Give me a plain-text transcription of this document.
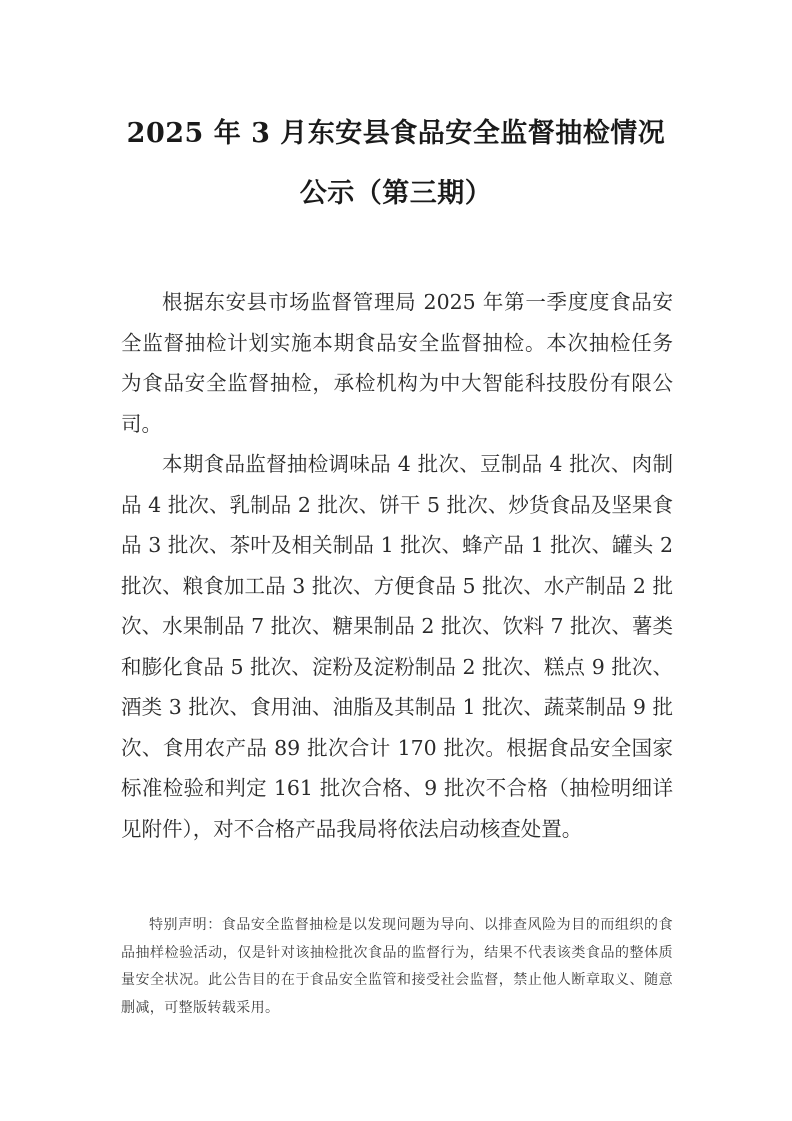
2025 年 3 月东安县食品安全监督抽检情况
公示（第三期）

根据东安县市场监督管理局 2025 年第一季度度食品安全监督抽检计划实施本期食品安全监督抽检。本次抽检任务为食品安全监督抽检，承检机构为中大智能科技股份有限公司。

本期食品监督抽检调味品 4 批次、豆制品 4 批次、肉制品 4 批次、乳制品 2 批次、饼干 5 批次、炒货食品及坚果食品 3 批次、茶叶及相关制品 1 批次、蜂产品 1 批次、罐头 2 批次、粮食加工品 3 批次、方便食品 5 批次、水产制品 2 批次、水果制品 7 批次、糖果制品 2 批次、饮料 7 批次、薯类和膨化食品 5 批次、淀粉及淀粉制品 2 批次、糕点 9 批次、酒类 3 批次、食用油、油脂及其制品 1 批次、蔬菜制品 9 批次、食用农产品 89 批次合计 170 批次。根据食品安全国家标准检验和判定 161 批次合格、9 批次不合格（抽检明细详见附件），对不合格产品我局将依法启动核查处置。

特别声明：食品安全监督抽检是以发现问题为导向、以排查风险为目的而组织的食品抽样检验活动，仅是针对该抽检批次食品的监督行为，结果不代表该类食品的整体质量安全状况。此公告目的在于食品安全监管和接受社会监督，禁止他人断章取义、随意删减，可整版转载采用。
